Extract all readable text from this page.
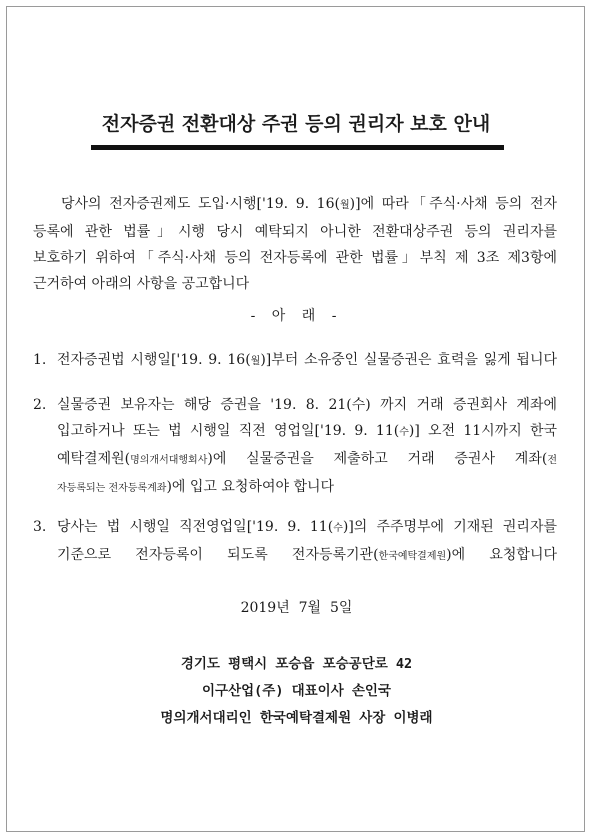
전자증권 전환대상 주권 등의 권리자 보호 안내
당사의 전자증권제도 도입·시행['19. 9. 16(월)]에 따라「주식·사채 등의 전자
등록에 관한 법률」시행 당시 예탁되지 아니한 전환대상주권 등의 권리자를
보호하기 위하여「주식·사채 등의 전자등록에 관한 법률」부칙 제 3조 제3항에
근거하여 아래의 사항을 공고합니다
- 아 래 -
1. 전자증권법 시행일['19. 9. 16(월)]부터 소유중인 실물증권은 효력을 잃게 됩니다
2. 실물증권 보유자는 해당 증권을 '19. 8. 21(수) 까지 거래 증권회사 계좌에
입고하거나 또는 법 시행일 직전 영업일['19. 9. 11(수)] 오전 11시까지 한국
예탁결제원(명의개서대행회사)에 실물증권을 제출하고 거래 증권사 계좌(전
자등록되는 전자등록계좌)에 입고 요청하여야 합니다
3. 당사는 법 시행일 직전영업일['19. 9. 11(수)]의 주주명부에 기재된 권리자를
기준으로 전자등록이 되도록 전자등록기관(한국예탁결제원)에 요청합니다
2019년  7월  5일
경기도 평택시 포승읍 포승공단로 42
이구산업(주) 대표이사 손인국
명의개서대리인 한국예탁결제원 사장 이병래
